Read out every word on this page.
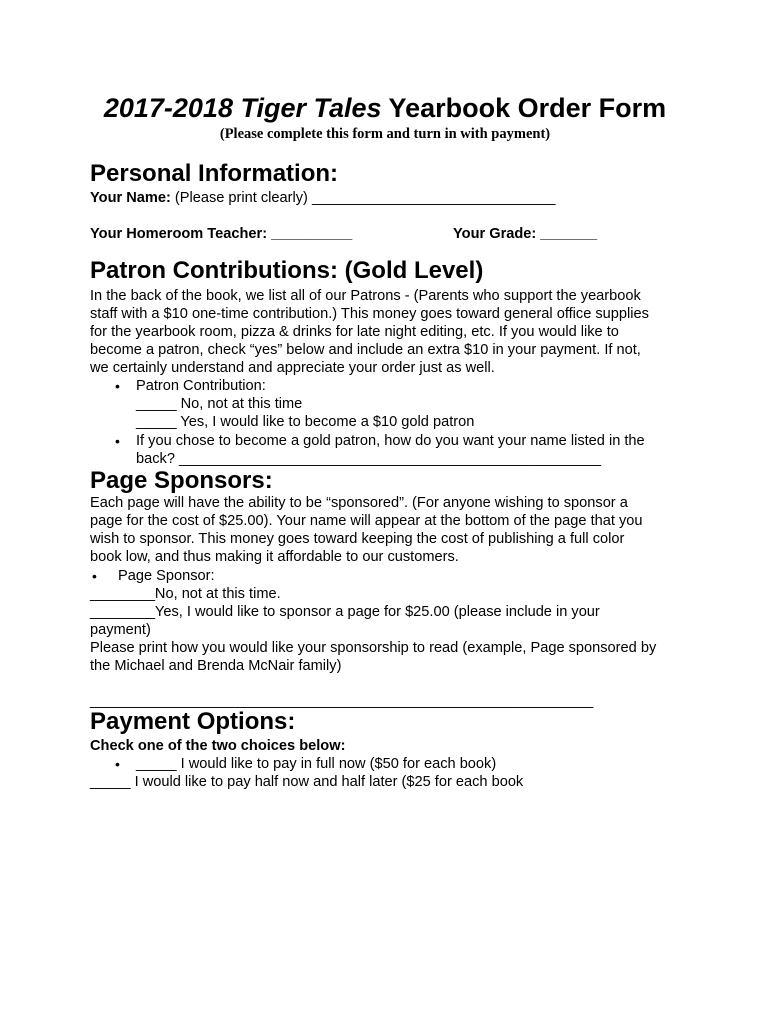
2017-2018 Tiger Tales Yearbook Order Form
(Please complete this form and turn in with payment)
Personal Information:
Your Name: (Please print clearly) ______________________________
Your Homeroom Teacher: __________	Your Grade: _______
Patron Contributions: (Gold Level)
In the back of the book, we list all of our Patrons - (Parents who support the yearbook
staff with a $10 one-time contribution.) This money goes toward general office supplies
for the yearbook room, pizza & drinks for late night editing, etc. If you would like to
become a patron, check “yes” below and include an extra $10 in your payment. If not,
we certainly understand and appreciate your order just as well.
• Patron Contribution:
_____ No, not at this time
_____ Yes, I would like to become a $10 gold patron
• If you chose to become a gold patron, how do you want your name listed in the
back? ____________________________________________________
Page Sponsors:
Each page will have the ability to be “sponsored”. (For anyone wishing to sponsor a
page for the cost of $25.00). Your name will appear at the bottom of the page that you
wish to sponsor. This money goes toward keeping the cost of publishing a full color
book low, and thus making it affordable to our customers.
• Page Sponsor:
________No, not at this time.
________Yes, I would like to sponsor a page for $25.00 (please include in your
payment)
Please print how you would like your sponsorship to read (example, Page sponsored by
the Michael and Brenda McNair family)
______________________________________________________________
Payment Options:
Check one of the two choices below:
• _____ I would like to pay in full now ($50 for each book)
_____ I would like to pay half now and half later ($25 for each book
